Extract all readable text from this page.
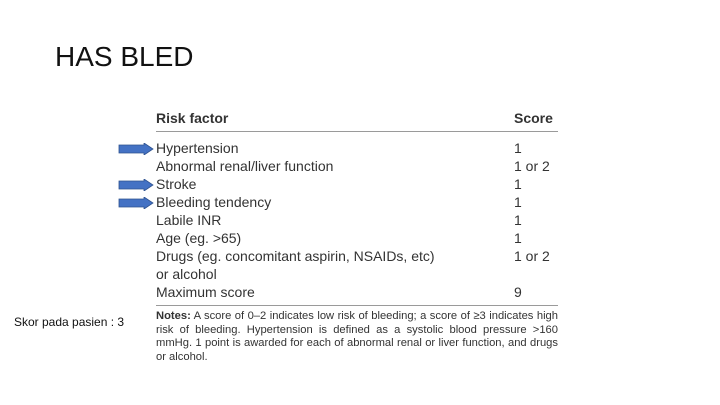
HAS BLED
Risk factor	Score
Hypertension	1
Abnormal renal/liver function	1 or 2
Stroke	1
Bleeding tendency	1
Labile INR	1
Age (eg. >65)	1
Drugs (eg. concomitant aspirin, NSAIDs, etc)	1 or 2
or alcohol
Maximum score	9
Notes: A score of 0–2 indicates low risk of bleeding; a score of ≥3 indicates high risk of bleeding. Hypertension is defined as a systolic blood pressure >160 mmHg. 1 point is awarded for each of abnormal renal or liver function, and drugs or alcohol.
Skor pada pasien : 3
